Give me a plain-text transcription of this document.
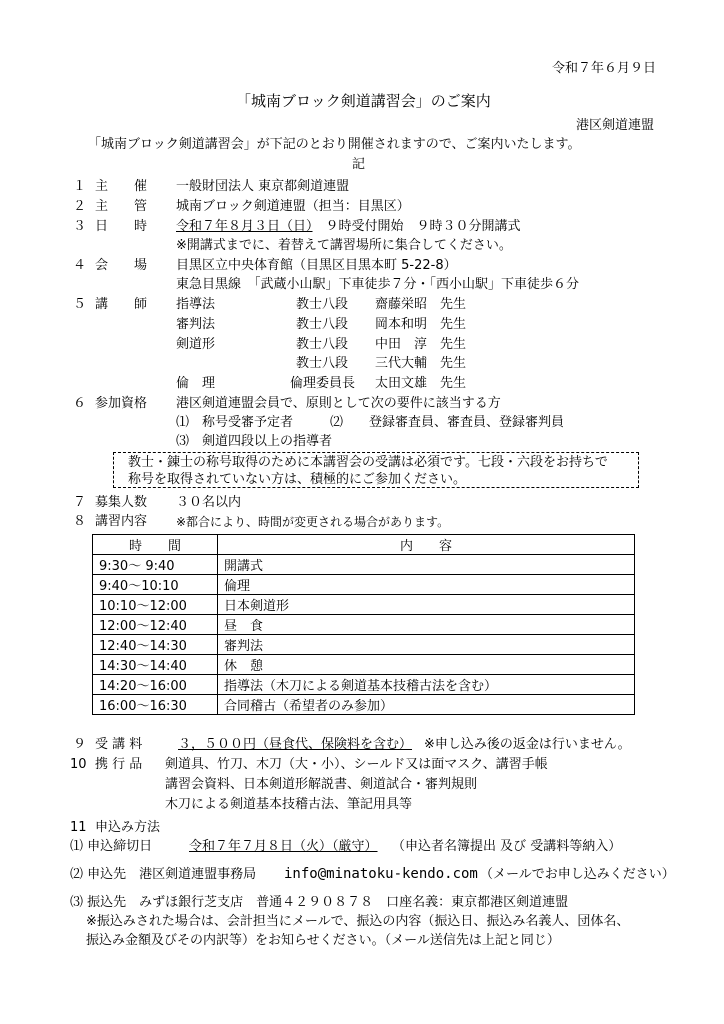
令和７年６月９日
「城南ブロック剣道講習会」のご案内
港区剣道連盟
「城南ブロック剣道講習会」が下記のとおり開催されますので、ご案内いたします。
記
１ 主　　催 一般財団法人 東京都剣道連盟
２ 主　　管 城南ブロック剣道連盟（担当：目黒区）
３ 日　　時 令和７年８月３日（日）　９時受付開始　９時３０分開講式
※開講式までに、着替えて講習場所に集合してください。
４ 会　　場 目黒区立中央体育館（目黒区目黒本町 5-22-8）
東急目黒線　「武蔵小山駅」下車徒歩７分・「西小山駅」下車徒歩６分
５ 講　　師 指導法	教士八段 齋藤栄昭　先生
審判法	教士八段 岡本和明　先生
剣道形	教士八段 中田　淳　先生
教士八段 三代大輔　先生
倫　理	倫理委員長 太田文雄　先生
６ 参加資格 港区剣道連盟会員で、原則として次の要件に該当する方
⑴　称号受審予定者	⑵　　登録審査員、審査員、登録審判員
⑶　剣道四段以上の指導者
教士・錬士の称号取得のために本講習会の受講は必須です。七段・六段をお持ちで
称号を取得されていない方は、積極的にご参加ください。
７ 募集人数 ３０名以内
８ 講習内容 ※都合により、時間が変更される場合があります。
時　　間	内　　容
9:30～ 9:40	開講式
9:40～10:10	倫理
10:10～12:00	日本剣道形
12:00～12:40	昼　食
12:40～14:30	審判法
14:30～14:40	休　憩
14:20～16:00	指導法（木刀による剣道基本技稽古法を含む）
16:00～16:30	合同稽古（希望者のみ参加）
９ 受 講 料	３，５００円（昼食代、保険料を含む） ※申し込み後の返金は行いません。
10 携 行 品 剣道具、竹刀、木刀（大・小）、シールド又は面マスク、講習手帳
講習会資料、日本剣道形解説書、剣道試合・審判規則
木刀による剣道基本技稽古法、筆記用具等
11 申込み方法
⑴ 申込締切日	令和７年７月８日（火）（厳守） （申込者名簿提出 及び 受講料等納入）
⑵ 申込先　港区剣道連盟事務局 info@minatoku-kendo.com （メールでお申し込みください）
⑶ 振込先　みずほ銀行芝支店　普通４２９０８７８　口座名義：東京都港区剣道連盟
※振込みされた場合は、会計担当にメールで、振込の内容（振込日、振込み名義人、団体名、
振込み金額及びその内訳等）をお知らせください。（メール送信先は上記と同じ）
